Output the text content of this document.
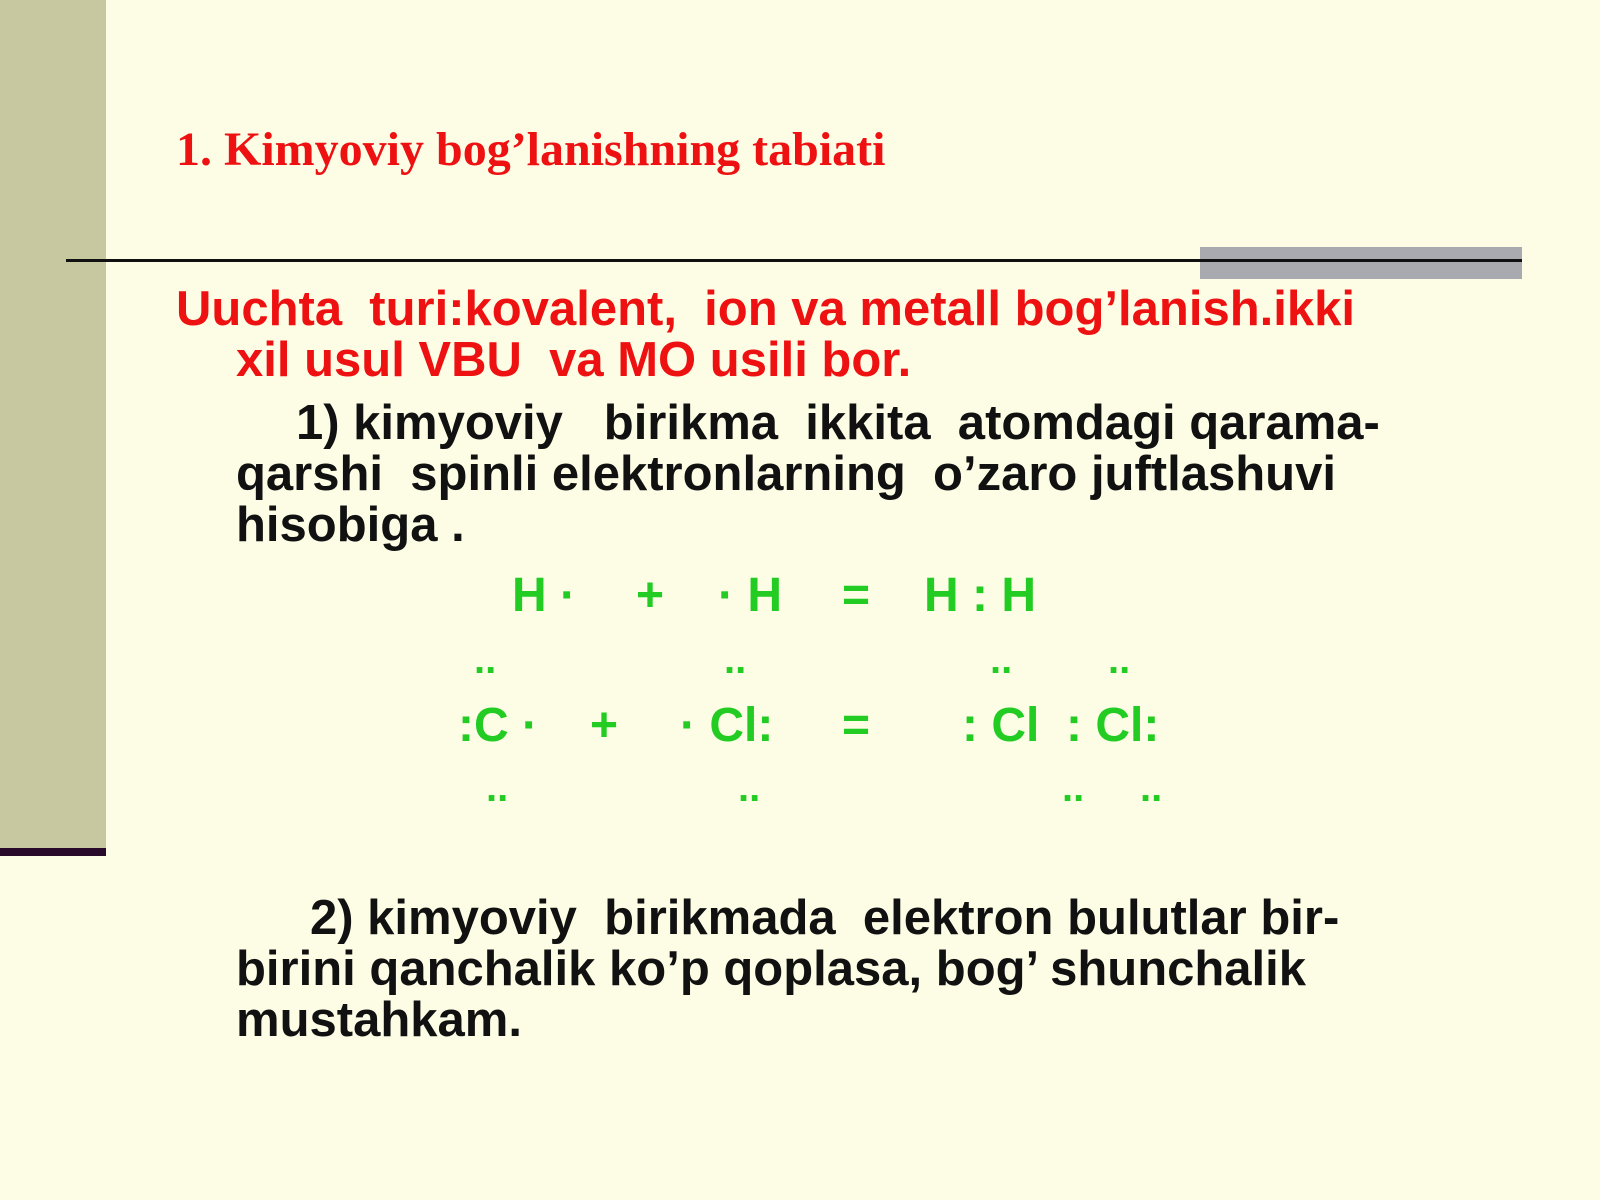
1. Kimyoviy bog’lanishning tabiati
Uuchta  turi:kovalent,  ion va metall bog’lanish.ikki
xil usul VBU  va MO usili bor.
1) kimyoviy   birikma  ikkita  atomdagi qarama-
qarshi  spinli elektronlarning  o’zaro juftlashuvi
hisobiga .
H · + · H = H : H
..	..	.. ..
:C · + · Cl: = : Cl  : Cl:
..	..	.. ..
2) kimyoviy  birikmada  elektron bulutlar bir-
birini qanchalik ko’p qoplasa, bog’ shunchalik
mustahkam.
